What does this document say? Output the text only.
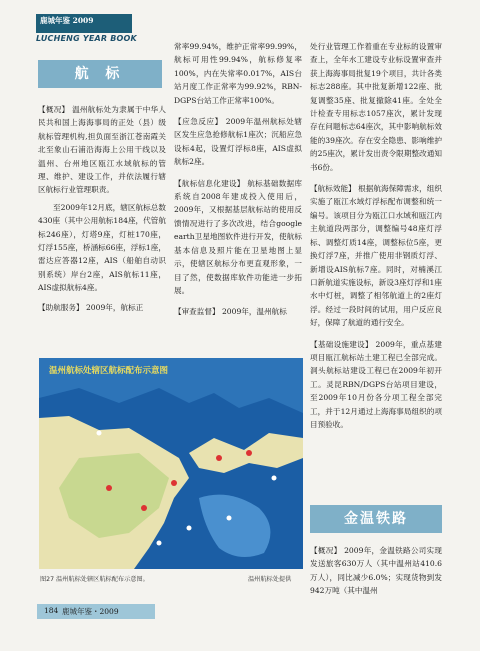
鹿城年鉴 2009
LUCHENG YEAR BOOK
航 标

【概况】 温州航标处为隶属于中华人民共和国上海海事局的正处（县）级航标管理机构,担负面至浙江苍南霞关北至象山石浦沿海海上公用干线以及温州、台州地区瓯江水域航标的管理、维护、建设工作，并依法履行辖区航标行业管理职责。

至2009年12月底，辖区航标总数430座（其中公用航标184座，代管航标246座），灯塔9座，灯桩170座，灯浮155座，桥涵标66座，浮标1座，雷达应答器12座，AIS（船舶自动识别系统）岸台2座，AIS航标11座，AIS虚拟航标4座。

【助航服务】 2009年，航标正

常率99.94%，维护正常率99.99%，航标可用性99.94%，航标修复率100%，内在失常率0.017%，AIS台站月度工作正常率为99.92%，RBN-DGPS台站工作正常率100%。

【应急反应】 2009年温州航标处辖区发生应急抢修航标1座次；沉船应急设标4起，设置灯浮标8座，AIS虚拟航标2座。

【航标信息化建设】 航标基础数据库系统自2008年建成投入使用后，2009年，又根据基层航标站的使用反馈情况进行了多次改进，结合google earth卫星地图软件进行开发，使航标基本信息及照片能在卫星地图上显示，使辖区航标分布更直观形象，一目了然，使数据库软件功能进一步拓展。

【审查监督】 2009年，温州航标

处行业管理工作着重在专业标的设置审查上，全年水工建设专业标设置审查并获上海海事局批复19个项目，共计各类标志288座。其中批复新增122座、批复调整35座、批复撤除41座。全处全计检查专用标志1057座次，累计发现存在问题标志64座次，其中影响航标效能的39座次。存在安全隐患、影响维护的25座次，累计发出责令限期整改通知书6份。

【航标效能】 根据航海保障需求，组织实施了瓯江水域灯浮标配布调整和统一编号。该项目分为瓯江口水域和瓯江内主航道段两部分，调整编号48座灯浮标、调整灯质14座，调整标位5座，更换灯浮7座，并推广使用非钢质灯浮、新增设AIS航标7座。同时，对楠溪江口新航道实施设标，新设3座灯浮和1座水中灯桩，调整了相邻航道上的2座灯浮。经过一段时间的试用，用户反应良好，保障了航道的通行安全。

【基础设施建设】 2009年，重点基建项目瓯江航标站土建工程已全部完成。洞头航标站建设工程已在2009年初开工。灵昆RBN/DGPS台站项目建设，至2009年10月份各分项工程全部完工，并于12月通过上海海事局组织的项目预验收。

金温铁路

【概况】 2009年，金温铁路公司实现发送旅客630万人（其中温州站410.6万人），同比减少6.0%；实现货物到发942万吨（其中温州

温州航标处辖区航标配布示意图
图27 温州航标处辖区航标配布示意图。	温州航标处提供
184 鹿城年鉴・2009
